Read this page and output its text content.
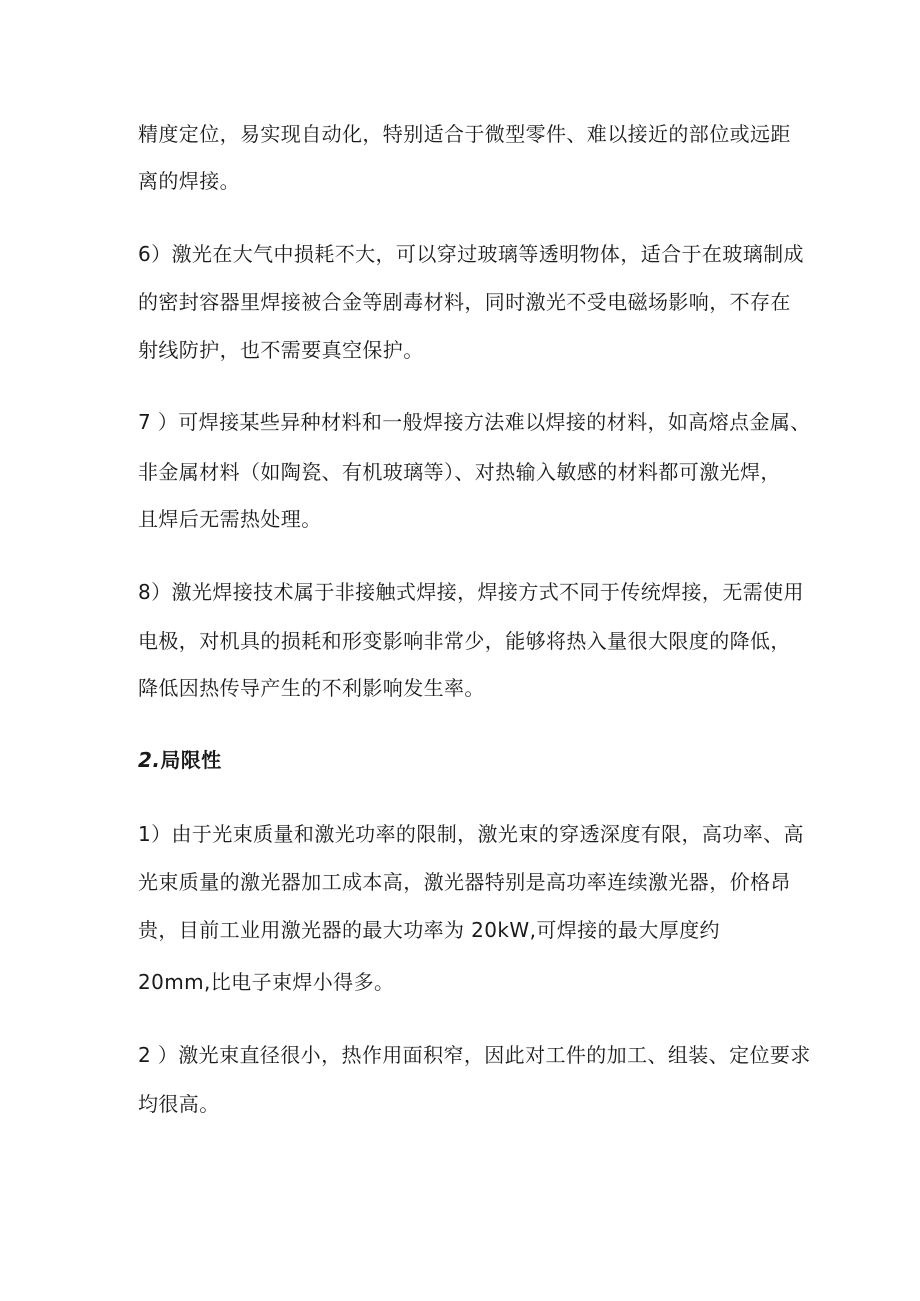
精度定位，易实现自动化，特别适合于微型零件、难以接近的部位或远距
离的焊接。
6）激光在大气中损耗不大，可以穿过玻璃等透明物体，适合于在玻璃制成
的密封容器里焊接被合金等剧毒材料，同时激光不受电磁场影响，不存在
射线防护，也不需要真空保护。
7 ）可焊接某些异种材料和一般焊接方法难以焊接的材料，如高熔点金属、
非金属材料（如陶瓷、有机玻璃等）、对热输入敏感的材料都可激光焊，
且焊后无需热处理。
8）激光焊接技术属于非接触式焊接，焊接方式不同于传统焊接，无需使用
电极，对机具的损耗和形变影响非常少，能够将热入量很大限度的降低，
降低因热传导产生的不利影响发生率。
2.局限性
1）由于光束质量和激光功率的限制，激光束的穿透深度有限，高功率、高
光束质量的激光器加工成本高，激光器特别是高功率连续激光器，价格昂
贵，目前工业用激光器的最大功率为 20kW,可焊接的最大厚度约
20mm,比电子束焊小得多。
2 ）激光束直径很小，热作用面积窄，因此对工件的加工、组装、定位要求
均很高。
